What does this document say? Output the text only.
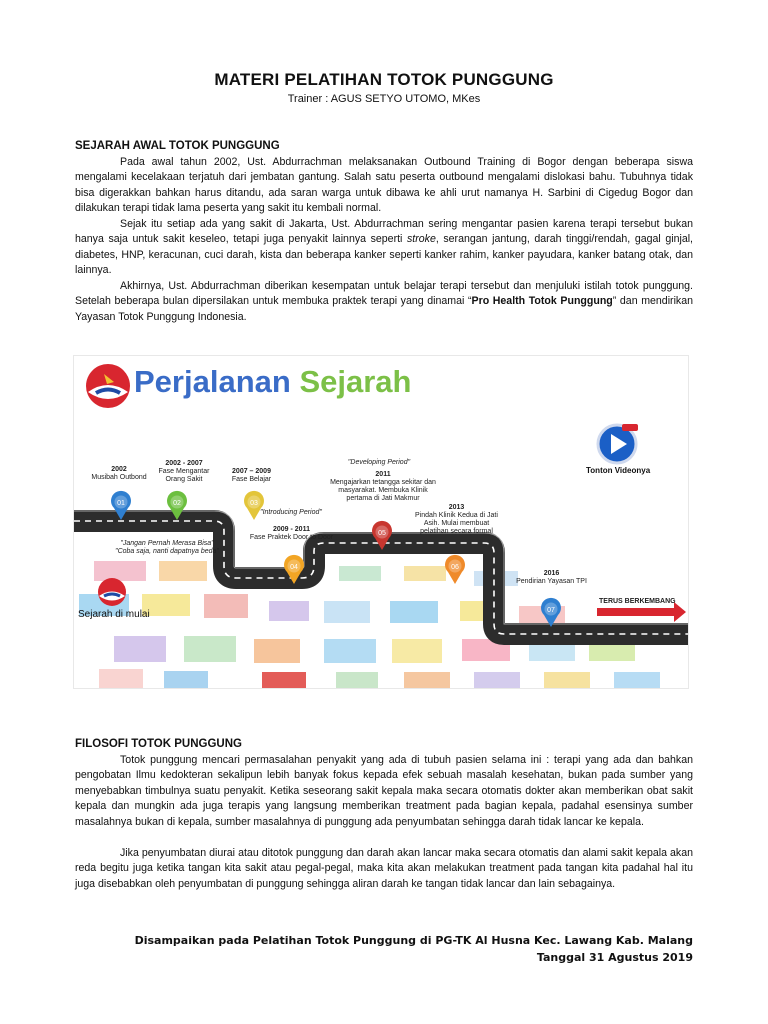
MATERI PELATIHAN TOTOK PUNGGUNG
Trainer : AGUS SETYO UTOMO, MKes
SEJARAH AWAL TOTOK PUNGGUNG

Pada awal tahun 2002, Ust. Abdurrachman melaksanakan Outbound Training di Bogor dengan beberapa siswa mengalami kecelakaan terjatuh dari jembatan gantung. Salah satu peserta outbound mengalami dislokasi bahu. Tubuhnya tidak bisa digerakkan bahkan harus ditandu, ada saran warga untuk dibawa ke ahli urut namanya H. Sarbini di Cigedug Bogor dan dilakukan terapi tidak lama peserta yang sakit itu kembali normal.

Sejak itu setiap ada yang sakit di Jakarta, Ust. Abdurrachman sering mengantar pasien karena terapi tersebut bukan hanya saja untuk sakit keseleo, tetapi juga penyakit lainnya seperti stroke, serangan jantung, darah tinggi/rendah, gagal ginjal, diabetes, HNP, keracunan, cuci darah, kista dan beberapa kanker seperti kanker rahim, kanker payudara, kanker batang otak, dan lainnya.

Akhirnya, Ust. Abdurrachman diberikan kesempatan untuk belajar terapi tersebut dan menjuluki istilah totok punggung. Setelah beberapa bulan dipersilakan untuk membuka praktek terapi yang dinamai “Pro Health Totok Punggung” dan mendirikan Yayasan Totok Punggung Indonesia.

01	02	03
04
05
06
07
Perjalanan Sejarah
Tonton Videonya
Sejarah di mulai
TERUS BERKEMBANG
"Jangan Pernah Merasa Bisa"
"Coba saja, nanti dapatnya beda"
"Introducing Period"
"Developing Period"
2002
Musibah Outbond
2002 - 2007
Fase Mengantar Orang Sakit
2007 – 2009
Fase Belajar
2009 - 2011
Fase Praktek Door to Door
2011
Mengajarkan tetangga sekitar dan masyarakat. Membuka Klinik pertama di Jati Makmur
2013
Pindah Klinik Kedua di Jati Asih. Mulai membuat pelatihan secara formal
2016
Pendirian Yayasan TPI
FILOSOFI TOTOK PUNGGUNG

Totok punggung mencari permasalahan penyakit yang ada di tubuh pasien selama ini : terapi yang ada dan bahkan pengobatan Ilmu kedokteran sekalipun lebih banyak fokus kepada efek sebuah masalah kesehatan, bukan pada sumber yang menyebabkan timbulnya suatu penyakit. Ketika seseorang sakit kepala maka secara otomatis dokter akan memberikan obat sakit kepala dan mungkin ada juga terapis yang langsung memberikan treatment pada bagian kepala, padahal esensinya sumber masalahnya bukan di kepala, sumber masalahnya di punggung ada penyumbatan sehingga darah tidak lancar ke kepala.

Jika penyumbatan diurai atau ditotok punggung dan darah akan lancar maka secara otomatis dan alami sakit kepala akan reda begitu juga ketika tangan kita sakit atau pegal-pegal, maka kita akan melakukan treatment pada tangan kita padahal hal itu juga disebabkan oleh penyumbatan di punggung sehingga aliran darah ke tangan tidak lancar dan lain sebagainya.

Disampaikan pada Pelatihan Totok Punggung di PG-TK Al Husna Kec. Lawang Kab. Malang
Tanggal 31 Agustus 2019
